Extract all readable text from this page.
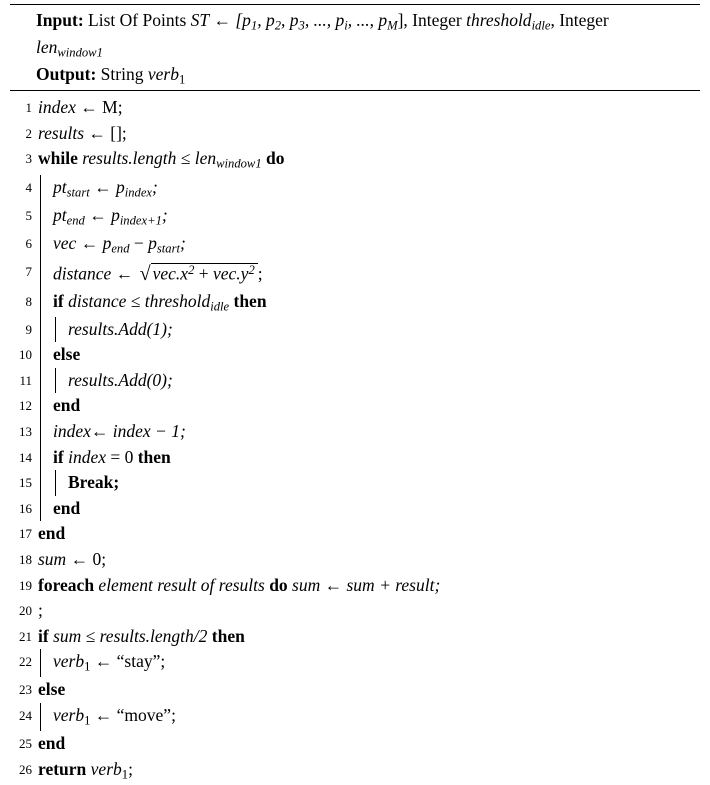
Input: List Of Points ST ← [$p_1$, $p_2$, $p_3$, ..., $p_i$, ..., $p_M$], Integer threshold$_{idle}$, Integer
len$_{window1}$
Output: String verb$_1$
1 index ← M;
2 results ← [];
3 while results.length ≤ len$_{window1}$ do
4 $pt_{start}$ ← $p_{index}$;
5 $pt_{end}$ ← $p_{index+1}$;
6 vec ← $p_{end} - p_{start}$;
7 distance ← √ $vec.x^2 + vec.y^2$ ;
8 if distance ≤ threshold$_{idle}$ then
9 results.Add(1);
10 else
11 results.Add(0);
12 end
13 index← index − 1;
14 if index = 0 then
15 Break;
16 end
17 end
18 sum ← 0;
19 foreach element result of results do sum ← sum + result;
20 ;
21 if sum ≤ results.length/2 then
22 verb$_1$ ← “stay”;
23 else
24 verb$_1$ ← “move”;
25 end
26 return verb$_1$;
